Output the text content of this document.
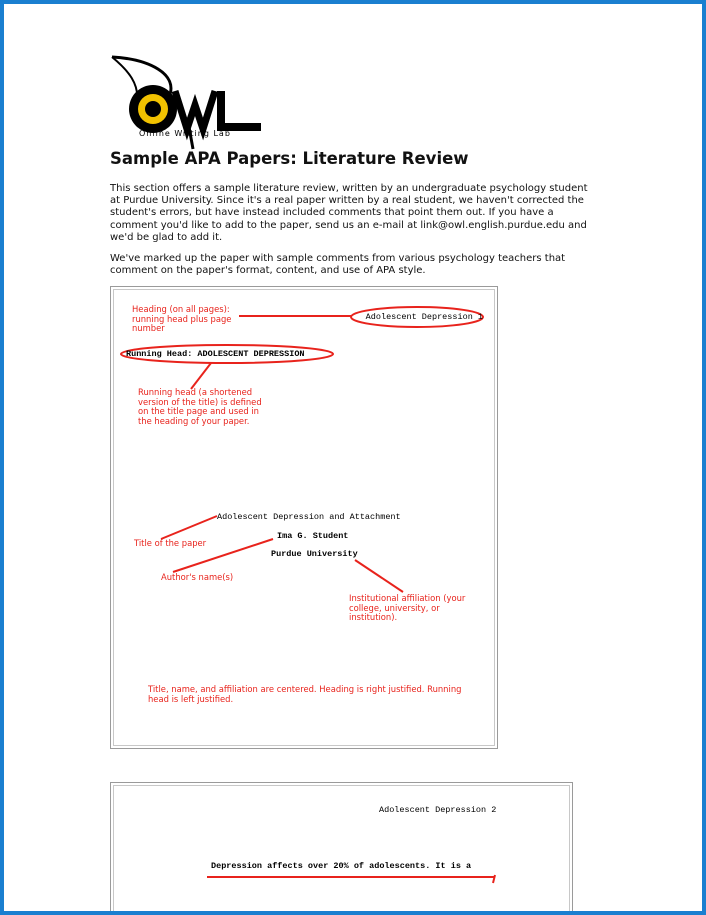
Online Writing Lab
Sample APA Papers: Literature Review

This section offers a sample literature review, written by an undergraduate psychology student at Purdue University. Since it's a real paper written by a real student, we haven't corrected the student's errors, but have instead included comments that point them out. If you have a comment you'd like to add to the paper, send us an e-mail at link@owl.english.purdue.edu and we'd be glad to add it.

We've marked up the paper with sample comments from various psychology teachers that comment on the paper's format, content, and use of APA style.

Adolescent Depression 1
Running Head: ADOLESCENT DEPRESSION
Adolescent Depression and Attachment
Ima G. Student
Purdue University
Heading (on all pages): running head plus page number
Running head (a shortened version of the title) is defined on the title page and used in the heading of your paper.
Title of the paper
Author's name(s)
Institutional affiliation (your college, university, or institution).
Title, name, and affiliation are centered. Heading is right justified. Running head is left justified.
Adolescent Depression 2
Depression affects over 20% of adolescents. It is a
